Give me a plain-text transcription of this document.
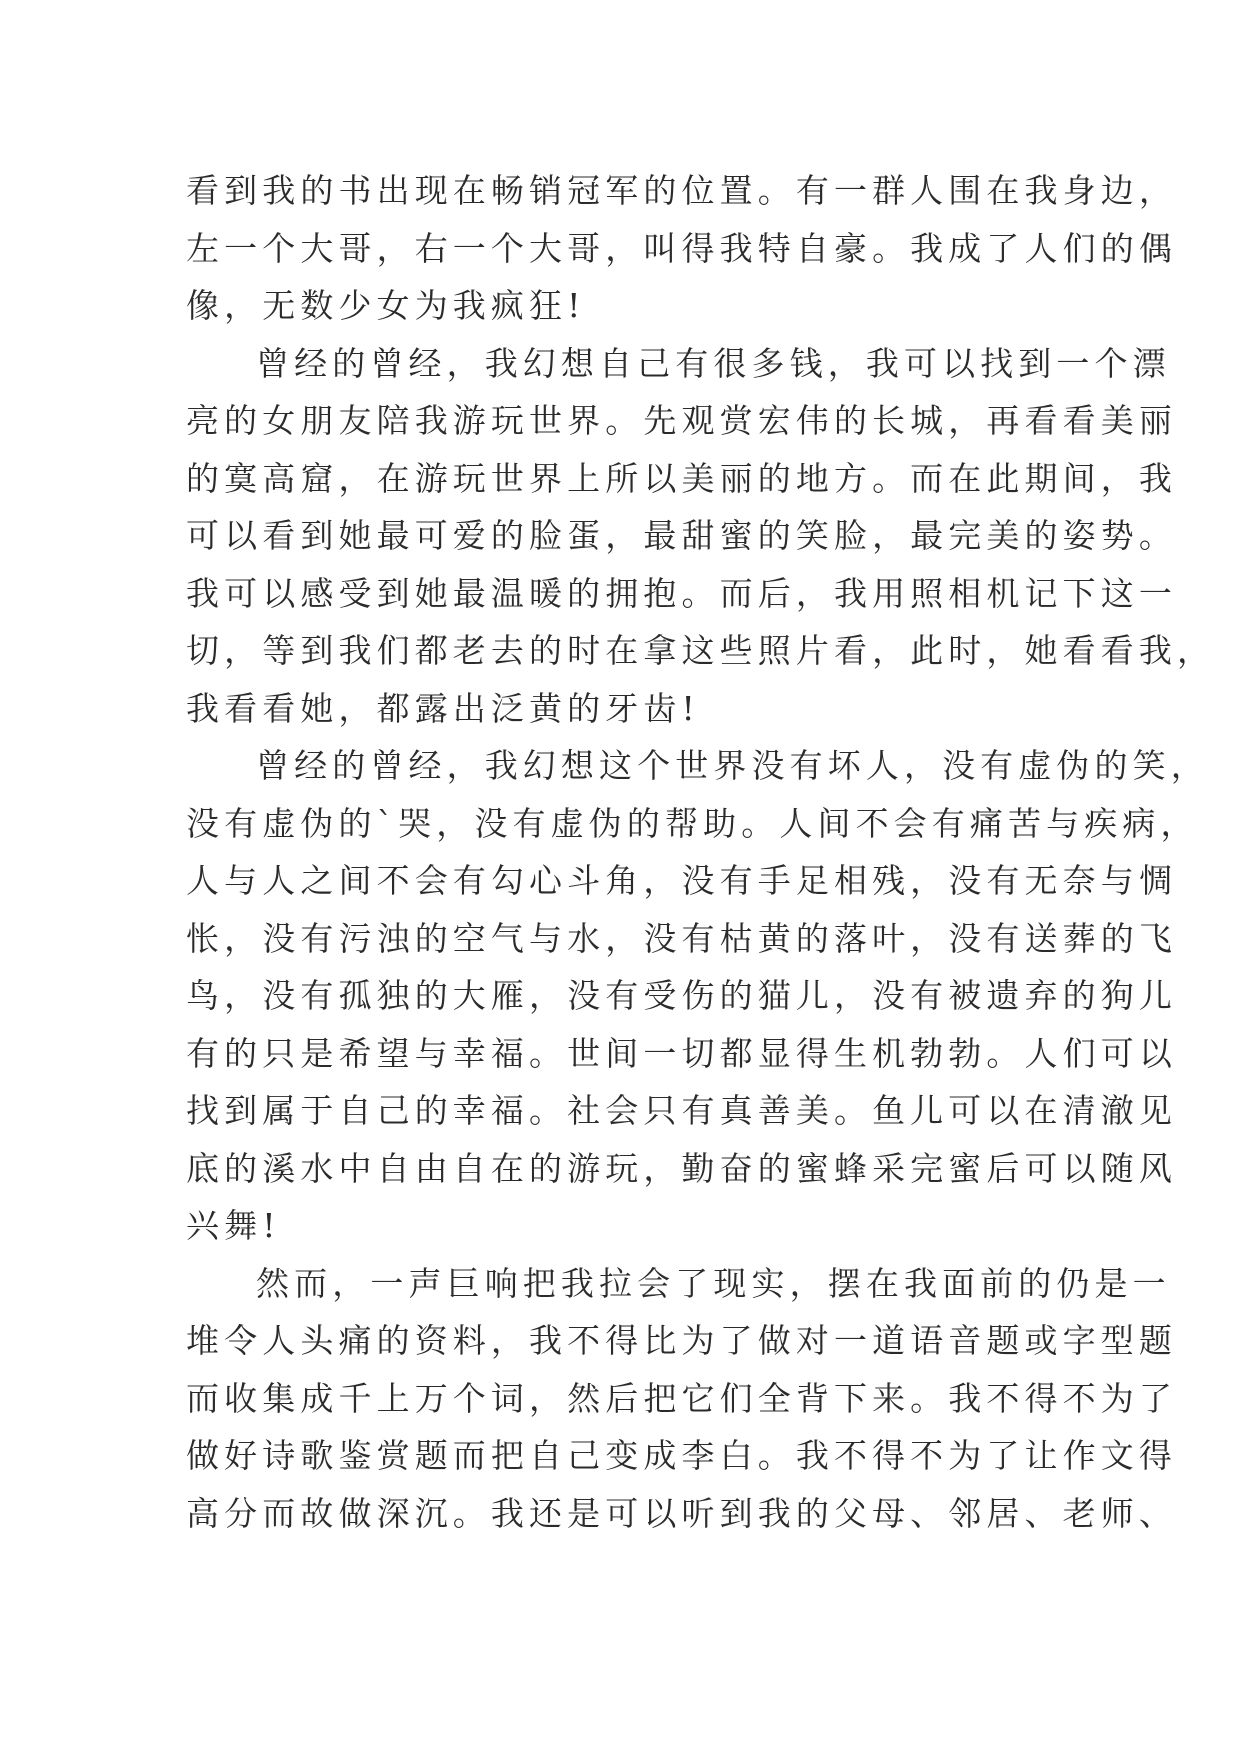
看到我的书出现在畅销冠军的位置。有一群人围在我身边，
左一个大哥，右一个大哥，叫得我特自豪。我成了人们的偶
像，无数少女为我疯狂!
曾经的曾经，我幻想自己有很多钱，我可以找到一个漂
亮的女朋友陪我游玩世界。先观赏宏伟的长城，再看看美丽
的寞高窟，在游玩世界上所以美丽的地方。而在此期间，我
可以看到她最可爱的脸蛋，最甜蜜的笑脸，最完美的姿势。
我可以感受到她最温暖的拥抱。而后，我用照相机记下这一
切，等到我们都老去的时在拿这些照片看，此时，她看看我，
我看看她，都露出泛黄的牙齿!
曾经的曾经，我幻想这个世界没有坏人，没有虚伪的笑，
没有虚伪的`哭，没有虚伪的帮助。人间不会有痛苦与疾病，
人与人之间不会有勾心斗角，没有手足相残，没有无奈与惆
怅，没有污浊的空气与水，没有枯黄的落叶，没有送葬的飞
鸟，没有孤独的大雁，没有受伤的猫儿，没有被遗弃的狗儿
有的只是希望与幸福。世间一切都显得生机勃勃。人们可以
找到属于自己的幸福。社会只有真善美。鱼儿可以在清澈见
底的溪水中自由自在的游玩，勤奋的蜜蜂采完蜜后可以随风
兴舞!
然而，一声巨响把我拉会了现实，摆在我面前的仍是一
堆令人头痛的资料，我不得比为了做对一道语音题或字型题
而收集成千上万个词，然后把它们全背下来。我不得不为了
做好诗歌鉴赏题而把自己变成李白。我不得不为了让作文得
高分而故做深沉。我还是可以听到我的父母、邻居、老师、
